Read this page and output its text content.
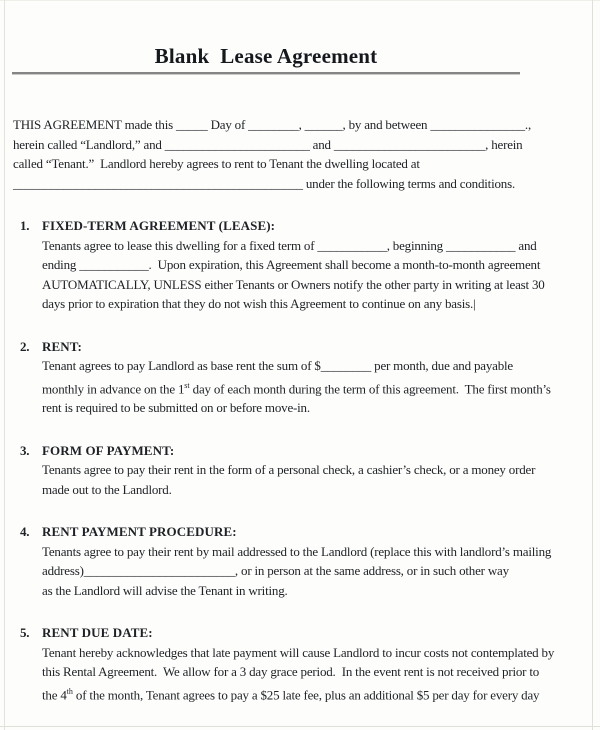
Blank  Lease Agreement
THIS AGREEMENT made this _____ Day of ________, ______, by and between _______________.,
herein called “Landlord,” and _______________________ and ________________________, herein
called “Tenant.”  Landlord hereby agrees to rent to Tenant the dwelling located at
______________________________________________ under the following terms and conditions.
1. FIXED-TERM AGREEMENT (LEASE):
Tenants agree to lease this dwelling for a fixed term of ___________, beginning ___________ and
ending ___________.  Upon expiration, this Agreement shall become a month-to-month agreement
AUTOMATICALLY, UNLESS either Tenants or Owners notify the other party in writing at least 30
days prior to expiration that they do not wish this Agreement to continue on any basis.|
2. RENT:
Tenant agrees to pay Landlord as base rent the sum of $________ per month, due and payable
monthly in advance on the 1st day of each month during the term of this agreement.  The first month’s
rent is required to be submitted on or before move-in.
3. FORM OF PAYMENT:
Tenants agree to pay their rent in the form of a personal check, a cashier’s check, or a money order
made out to the Landlord.
4. RENT PAYMENT PROCEDURE:
Tenants agree to pay their rent by mail addressed to the Landlord (replace this with landlord’s mailing
address)________________________, or in person at the same address, or in such other way
as the Landlord will advise the Tenant in writing.
5. RENT DUE DATE:
Tenant hereby acknowledges that late payment will cause Landlord to incur costs not contemplated by
this Rental Agreement.  We allow for a 3 day grace period.  In the event rent is not received prior to
the 4th of the month, Tenant agrees to pay a $25 late fee, plus an additional $5 per day for every day
